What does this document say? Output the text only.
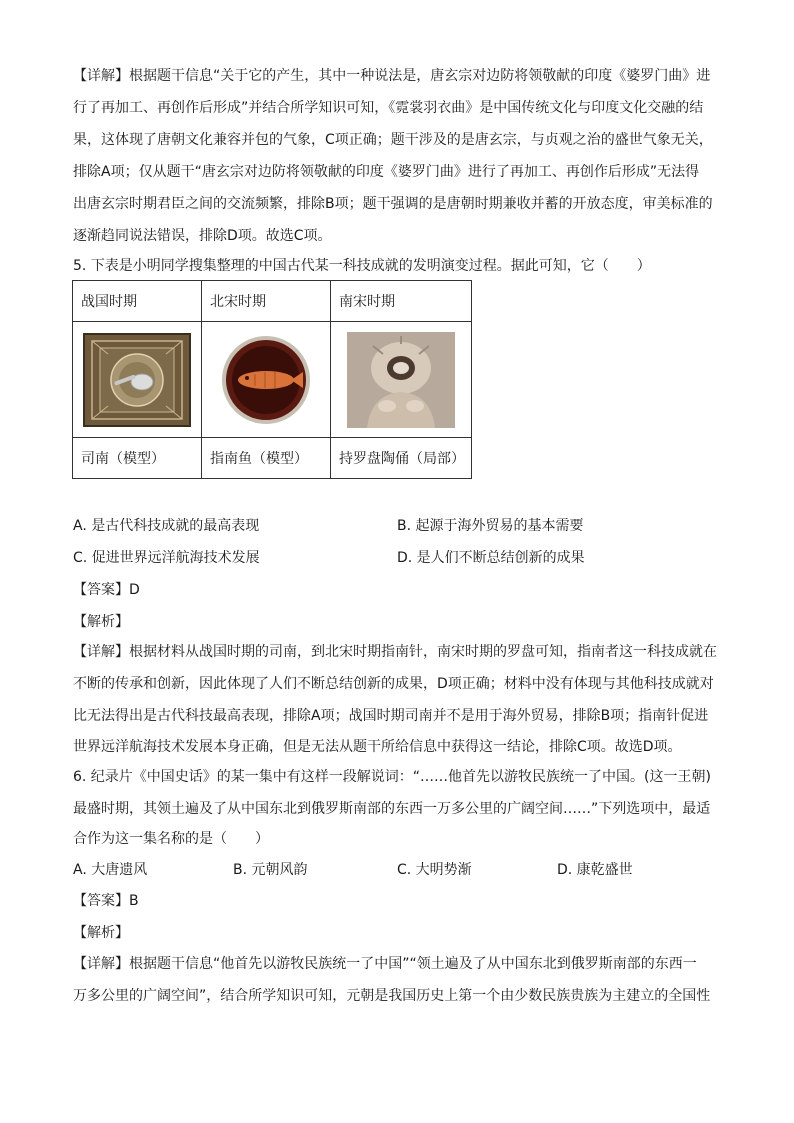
【详解】根据题干信息“关于它的产生，其中一种说法是，唐玄宗对边防将领敬献的印度《婆罗门曲》进
行了再加工、再创作后形成”并结合所学知识可知，《霓裳羽衣曲》是中国传统文化与印度文化交融的结
果，这体现了唐朝文化兼容并包的气象，C项正确；题干涉及的是唐玄宗，与贞观之治的盛世气象无关，
排除A项；仅从题干“唐玄宗对边防将领敬献的印度《婆罗门曲》进行了再加工、再创作后形成”无法得
出唐玄宗时期君臣之间的交流频繁，排除B项；题干强调的是唐朝时期兼收并蓄的开放态度，审美标准的
逐渐趋同说法错误，排除D项。故选C项。
5. 下表是小明同学搜集整理的中国古代某一科技成就的发明演变过程。据此可知，它（　　）
战国时期	北宋时期	南宋时期

司南（模型）	指南鱼（模型）	持罗盘陶俑（局部）
A. 是古代科技成就的最高表现	B. 起源于海外贸易的基本需要
C. 促进世界远洋航海技术发展	D. 是人们不断总结创新的成果
【答案】D
【解析】
【详解】根据材料从战国时期的司南，到北宋时期指南针，南宋时期的罗盘可知，指南者这一科技成就在
不断的传承和创新，因此体现了人们不断总结创新的成果，D项正确；材料中没有体现与其他科技成就对
比无法得出是古代科技最高表现，排除A项；战国时期司南并不是用于海外贸易，排除B项；指南针促进
世界远洋航海技术发展本身正确，但是无法从题干所给信息中获得这一结论，排除C项。故选D项。
6. 纪录片《中国史话》的某一集中有这样一段解说词：“……他首先以游牧民族统一了中国。(这一王朝)
最盛时期，其领土遍及了从中国东北到俄罗斯南部的东西一万多公里的广阔空间……”下列选项中，最适
合作为这一集名称的是（　　）
A. 大唐遗风	B. 元朝风韵	C. 大明势渐	D. 康乾盛世
【答案】B
【解析】
【详解】根据题干信息“他首先以游牧民族统一了中国”“领土遍及了从中国东北到俄罗斯南部的东西一
万多公里的广阔空间”，结合所学知识可知，元朝是我国历史上第一个由少数民族贵族为主建立的全国性
